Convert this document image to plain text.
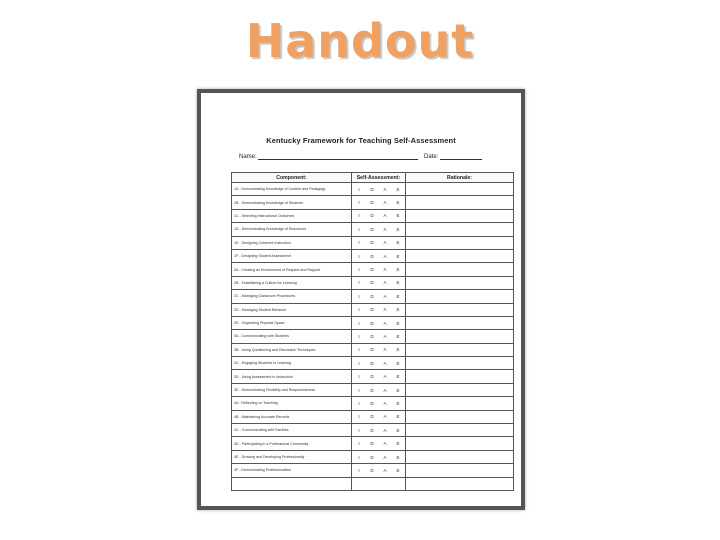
Handout
Kentucky Framework for Teaching Self-Assessment
Name:	Date:
Component:	Self-Assessment:	Rationale:
1A - Demonstrating Knowledge of Content and Pedagogy	I D A E	
1B - Demonstrating Knowledge of Students	I D A E	
1C - Selecting Instructional Outcomes	I D A E	
1D - Demonstrating Knowledge of Resources	I D A E	
1E - Designing Coherent Instruction	I D A E	
1F - Designing Student Assessment	I D A E	
2A - Creating an Environment of Respect and Rapport	I D A E	
2B - Establishing a Culture for Learning	I D A E	
2C - Managing Classroom Procedures	I D A E	
2D - Managing Student Behavior	I D A E	
2E - Organizing Physical Space	I D A E	
3A - Communicating with Students	I D A E	
3B - Using Questioning and Discussion Techniques	I D A E	
3C - Engaging Students in Learning	I D A E	
3D - Using Assessment in Instruction	I D A E	
3E - Demonstrating Flexibility and Responsiveness	I D A E	
4A - Reflecting on Teaching	I D A E	
4B - Maintaining Accurate Records	I D A E	
4C - Communicating with Families	I D A E	
4D - Participating in a Professional Community	I D A E	
4E - Growing and Developing Professionally	I D A E	
4F - Demonstrating Professionalism	I D A E	
